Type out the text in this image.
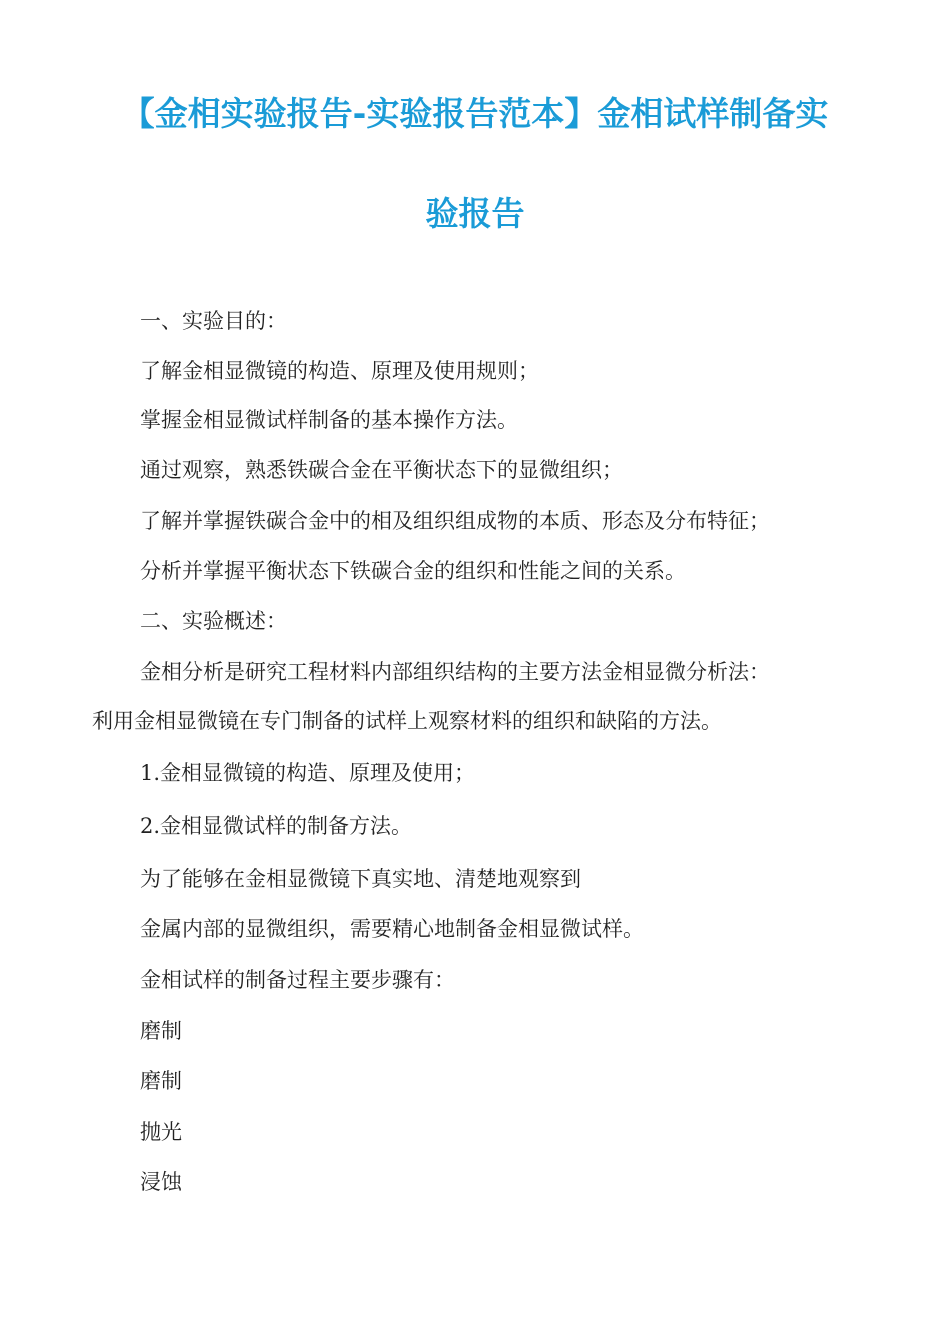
【金相实验报告-实验报告范本】金相试样制备实
验报告

一、实验目的：

了解金相显微镜的构造、原理及使用规则；

掌握金相显微试样制备的基本操作方法。

通过观察，熟悉铁碳合金在平衡状态下的显微组织；

了解并掌握铁碳合金中的相及组织组成物的本质、形态及分布特征；

分析并掌握平衡状态下铁碳合金的组织和性能之间的关系。

二、实验概述：

金相分析是研究工程材料内部组织结构的主要方法金相显微分析法：

利用金相显微镜在专门制备的试样上观察材料的组织和缺陷的方法。

1.金相显微镜的构造、原理及使用；

2.金相显微试样的制备方法。

为了能够在金相显微镜下真实地、清楚地观察到

金属内部的显微组织，需要精心地制备金相显微试样。

金相试样的制备过程主要步骤有：

磨制

磨制

抛光

浸蚀
